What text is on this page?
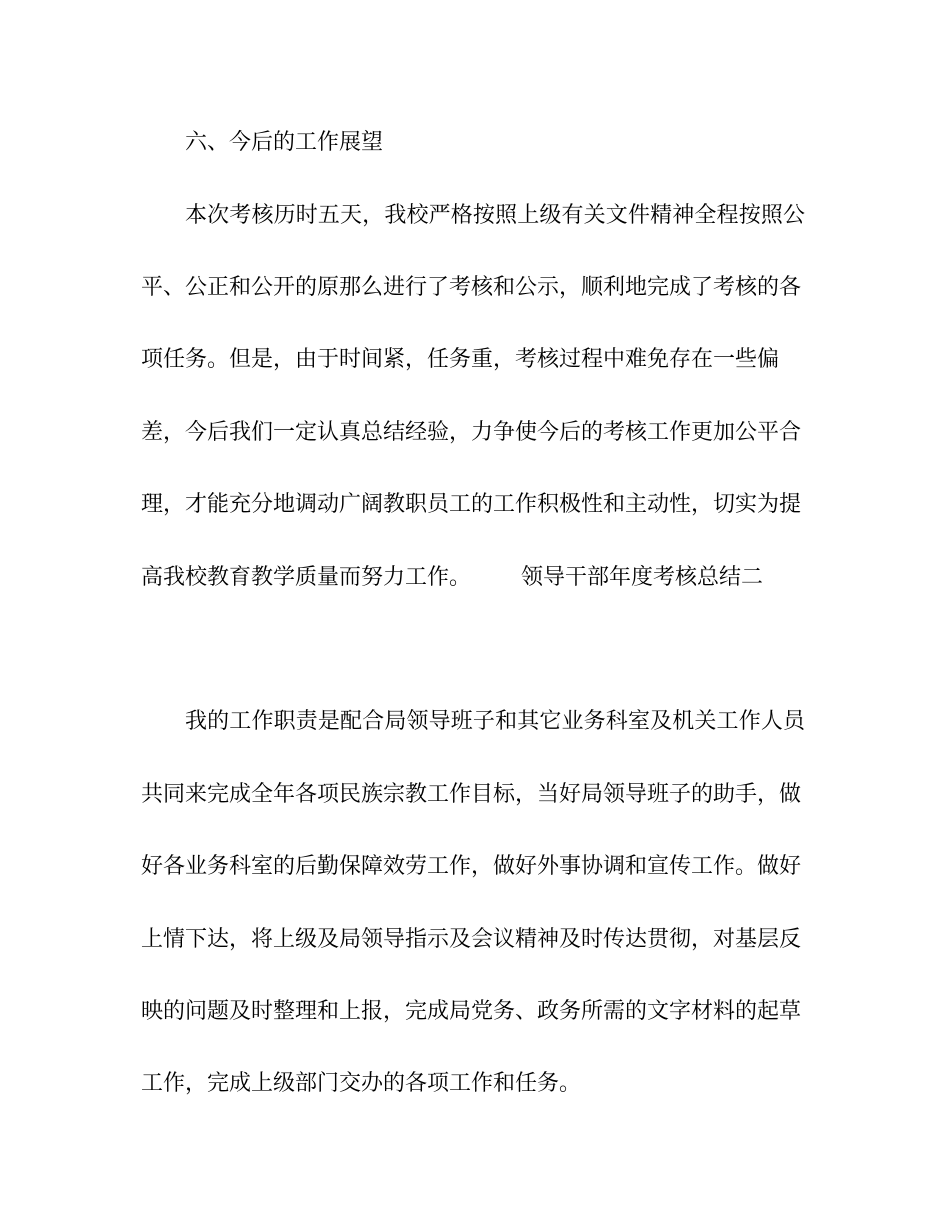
六、今后的工作展望
本次考核历时五天，我校严格按照上级有关文件精神全程按照公
平、公正和公开的原那么进行了考核和公示，顺利地完成了考核的各
项任务。但是，由于时间紧，任务重，考核过程中难免存在一些偏
差，今后我们一定认真总结经验，力争使今后的考核工作更加公平合
理，才能充分地调动广阔教职员工的工作积极性和主动性，切实为提
高我校教育教学质量而努力工作。 领导干部年度考核总结二
我的工作职责是配合局领导班子和其它业务科室及机关工作人员
共同来完成全年各项民族宗教工作目标，当好局领导班子的助手，做
好各业务科室的后勤保障效劳工作，做好外事协调和宣传工作。做好
上情下达，将上级及局领导指示及会议精神及时传达贯彻，对基层反
映的问题及时整理和上报，完成局党务、政务所需的文字材料的起草
工作，完成上级部门交办的各项工作和任务。
